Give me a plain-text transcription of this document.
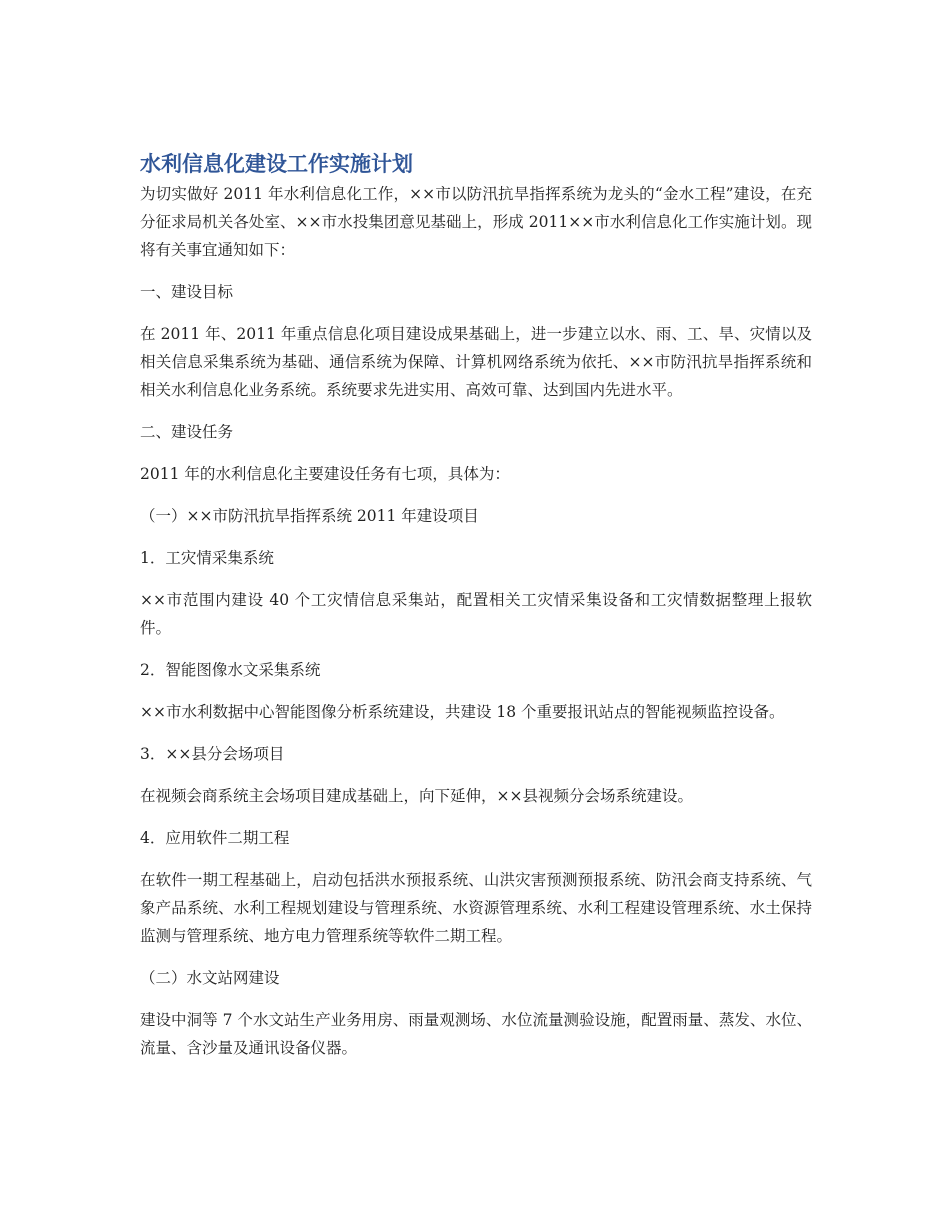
水利信息化建设工作实施计划

为切实做好 2011 年水利信息化工作，××市以防汛抗旱指挥系统为龙头的“金水工程”建设，在充分征求局机关各处室、××市水投集团意见基础上，形成 2011××市水利信息化工作实施计划。现将有关事宜通知如下：

一、建设目标

在 2011 年、2011 年重点信息化项目建设成果基础上，进一步建立以水、雨、工、旱、灾情以及相关信息采集系统为基础、通信系统为保障、计算机网络系统为依托、××市防汛抗旱指挥系统和相关水利信息化业务系统。系统要求先进实用、高效可靠、达到国内先进水平。

二、建设任务

2011 年的水利信息化主要建设任务有七项，具体为：

（一）××市防汛抗旱指挥系统 2011 年建设项目

1．工灾情采集系统

××市范围内建设 40 个工灾情信息采集站，配置相关工灾情采集设备和工灾情数据整理上报软件。

2．智能图像水文采集系统

××市水利数据中心智能图像分析系统建设，共建设 18 个重要报讯站点的智能视频监控设备。

3．××县分会场项目

在视频会商系统主会场项目建成基础上，向下延伸，××县视频分会场系统建设。

4．应用软件二期工程

在软件一期工程基础上，启动包括洪水预报系统、山洪灾害预测预报系统、防汛会商支持系统、气象产品系统、水利工程规划建设与管理系统、水资源管理系统、水利工程建设管理系统、水土保持监测与管理系统、地方电力管理系统等软件二期工程。

（二）水文站网建设

建设中洞等 7 个水文站生产业务用房、雨量观测场、水位流量测验设施，配置雨量、蒸发、水位、流量、含沙量及通讯设备仪器。
